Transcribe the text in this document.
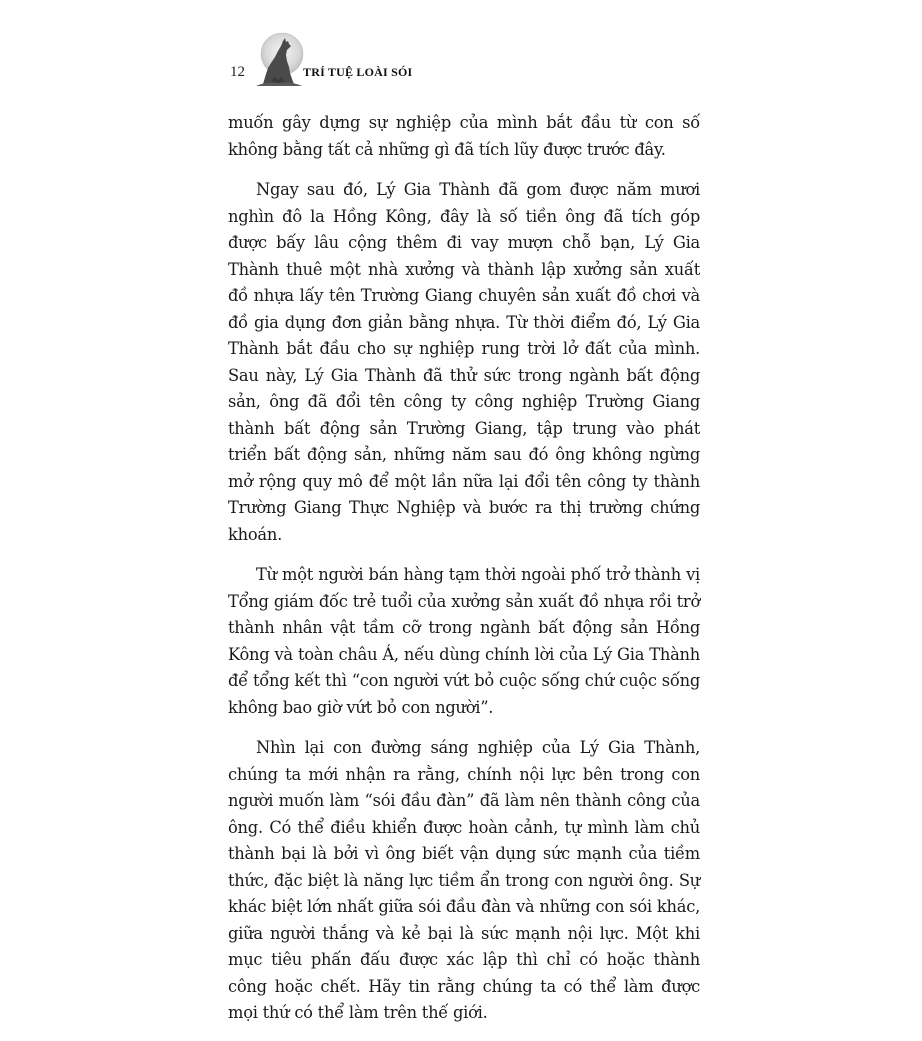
12	TRÍ TUỆ LOÀI SÓI

muốn gây dựng sự nghiệp của mình bắt đầu từ con số không bằng tất cả những gì đã tích lũy được trước đây.

Ngay sau đó, Lý Gia Thành đã gom được năm mươi nghìn đô la Hồng Kông, đây là số tiền ông đã tích góp được bấy lâu cộng thêm đi vay mượn chỗ bạn, Lý Gia Thành thuê một nhà xưởng và thành lập xưởng sản xuất đồ nhựa lấy tên Trường Giang chuyên sản xuất đồ chơi và đồ gia dụng đơn giản bằng nhựa. Từ thời điểm đó, Lý Gia Thành bắt đầu cho sự nghiệp rung trời lở đất của mình. Sau này, Lý Gia Thành đã thử sức trong ngành bất động sản, ông đã đổi tên công ty công nghiệp Trường Giang thành bất động sản Trường Giang, tập trung vào phát triển bất động sản, những năm sau đó ông không ngừng mở rộng quy mô để một lần nữa lại đổi tên công ty thành Trường Giang Thực Nghiệp và bước ra thị trường chứng khoán.

Từ một người bán hàng tạm thời ngoài phố trở thành vị Tổng giám đốc trẻ tuổi của xưởng sản xuất đồ nhựa rồi trở thành nhân vật tầm cỡ trong ngành bất động sản Hồng Kông và toàn châu Á, nếu dùng chính lời của Lý Gia Thành để tổng kết thì “con người vứt bỏ cuộc sống chứ cuộc sống không bao giờ vứt bỏ con người”.

Nhìn lại con đường sáng nghiệp của Lý Gia Thành, chúng ta mới nhận ra rằng, chính nội lực bên trong con người muốn làm “sói đầu đàn” đã làm nên thành công của ông. Có thể điều khiển được hoàn cảnh, tự mình làm chủ thành bại là bởi vì ông biết vận dụng sức mạnh của tiềm thức, đặc biệt là năng lực tiềm ẩn trong con người ông. Sự khác biệt lớn nhất giữa sói đầu đàn và những con sói khác, giữa người thắng và kẻ bại là sức mạnh nội lực. Một khi mục tiêu phấn đấu được xác lập thì chỉ có hoặc thành công hoặc chết. Hãy tin rằng chúng ta có thể làm được mọi thứ có thể làm trên thế giới.
